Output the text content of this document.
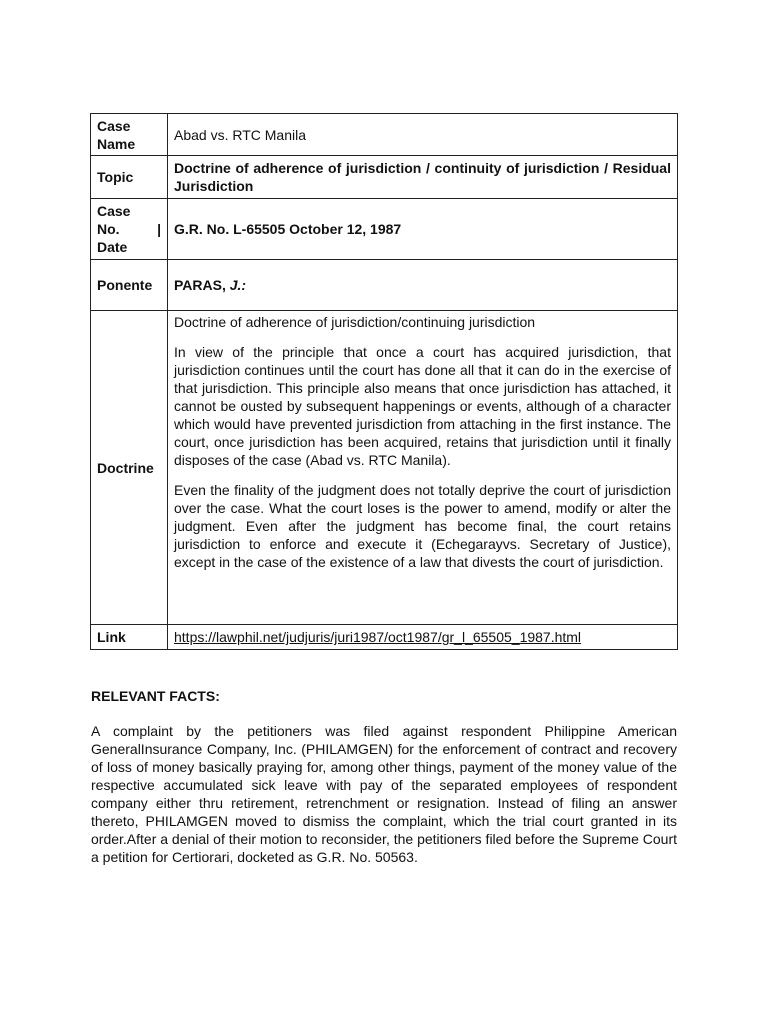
Case Name	Abad vs. RTC Manila
Topic	Doctrine of adherence of jurisdiction / continuity of jurisdiction / Residual Jurisdiction

Case
No. |
Date	G.R. No. L-65505 October 12, 1987
Ponente	PARAS, J.:
Doctrine	Doctrine of adherence of jurisdiction/continuing jurisdiction

In view of the principle that once a court has acquired jurisdiction, that jurisdiction continues until the court has done all that it can do in the exercise of that jurisdiction. This principle also means that once jurisdiction has attached, it cannot be ousted by subsequent happenings or events, although of a character which would have prevented jurisdiction from attaching in the first instance. The court, once jurisdiction has been acquired, retains that jurisdiction until it finally disposes of the case (Abad vs. RTC Manila).

Even the finality of the judgment does not totally deprive the court of jurisdiction over the case. What the court loses is the power to amend, modify or alter the judgment. Even after the judgment has become final, the court retains jurisdiction to enforce and execute it (Echegarayvs. Secretary of Justice), except in the case of the existence of a law that divests the court of jurisdiction.

Link	https://lawphil.net/judjuris/juri1987/oct1987/gr_l_65505_1987.html
RELEVANT FACTS:
A complaint by the petitioners was filed against respondent Philippine American GeneralInsurance Company, Inc. (PHILAMGEN) for the enforcement of contract and recovery of loss of money basically praying for, among other things, payment of the money value of the respective accumulated sick leave with pay of the separated employees of respondent company either thru retirement, retrenchment or resignation. Instead of filing an answer thereto, PHILAMGEN moved to dismiss the complaint, which the trial court granted in its order.After a denial of their motion to reconsider, the petitioners filed before the Supreme Court a petition for Certiorari, docketed as G.R. No. 50563.
